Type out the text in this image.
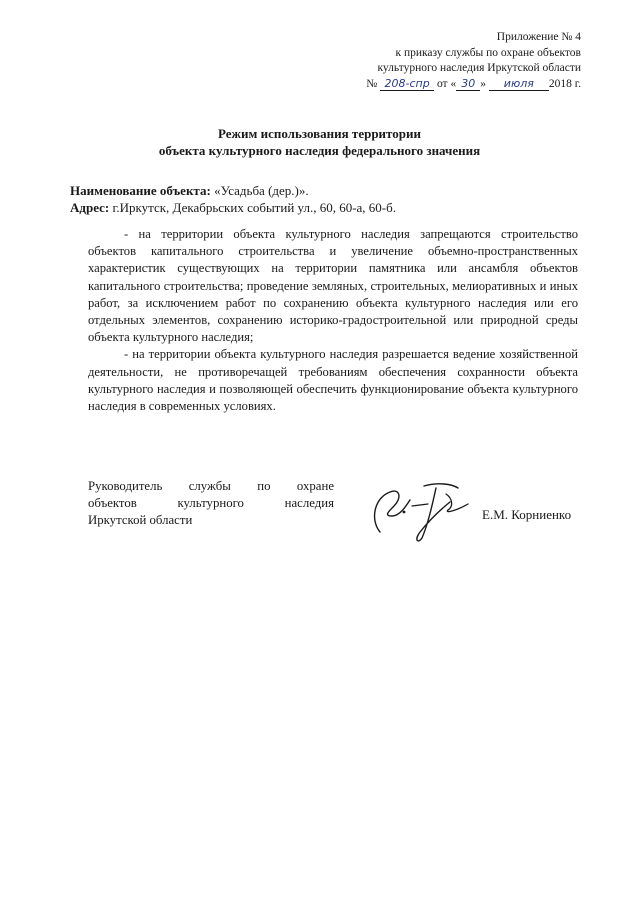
Приложение № 4
к приказу службы по охране объектов
культурного наследия Иркутской области
№ 208-спр от « 30 » июля 2018 г.
Режим использования территории
объекта культурного наследия федерального значения
Наименование объекта: «Усадьба (дер.)».
Адрес: г.Иркутск, Декабрьских событий ул., 60, 60-а, 60-б.

- на территории объекта культурного наследия запрещаются строительство объектов капитального строительства и увеличение объемно-пространственных характеристик существующих на территории памятника или ансамбля объектов капитального строительства; проведение земляных, строительных, мелиоративных и иных работ, за исключением работ по сохранению объекта культурного наследия или его отдельных элементов, сохранению историко-градостроительной или природной среды объекта культурного наследия;

- на территории объекта культурного наследия разрешается ведение хозяйственной деятельности, не противоречащей требованиям обеспечения сохранности объекта культурного наследия и позволяющей обеспечить функционирование объекта культурного наследия в современных условиях.

Руководитель службы по охране
объектов культурного наследия
Иркутской области	Е.М. Корниенко
